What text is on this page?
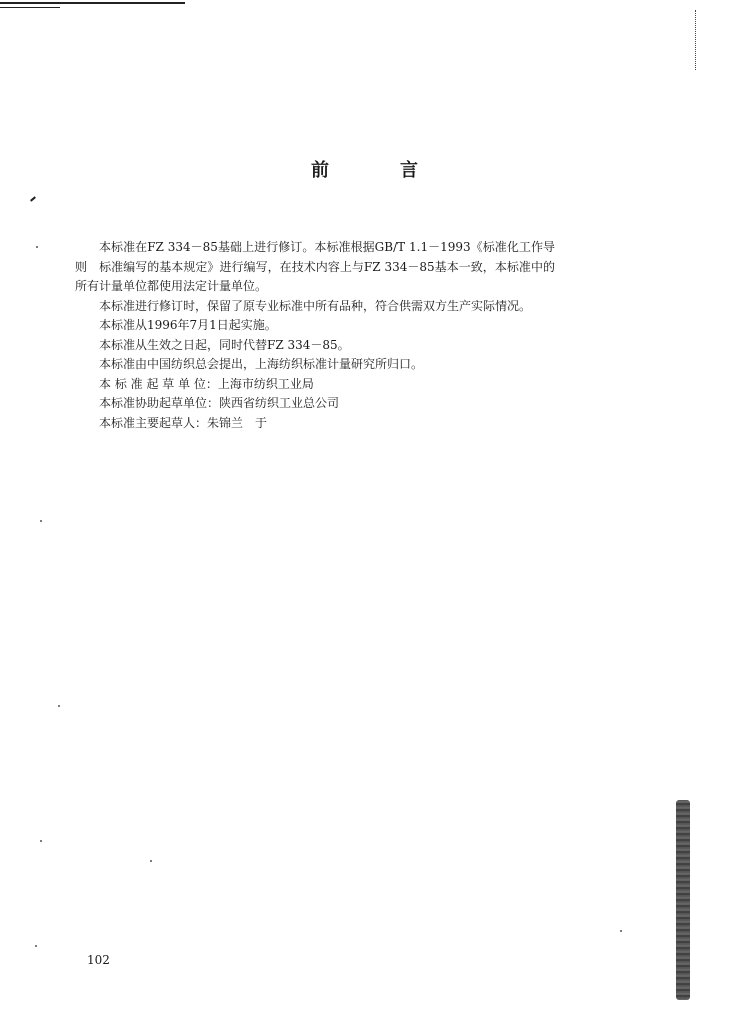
前	言

本标准在FZ 334－85基础上进行修订。本标准根据GB/T 1.1－1993《标准化工作导则　标准编写的基本规定》进行编写，在技术内容上与FZ 334－85基本一致，本标准中的所有计量单位都使用法定计量单位。

本标准进行修订时，保留了原专业标准中所有品种，符合供需双方生产实际情况。

本标准从1996年7月1日起实施。

本标准从生效之日起，同时代替FZ 334－85。

本标准由中国纺织总会提出，上海纺织标准计量研究所归口。

本 标 准 起 草 单 位：上海市纺织工业局

本标准协助起草单位：陕西省纺织工业总公司

本标准主要起草人：朱锦兰　于

102
